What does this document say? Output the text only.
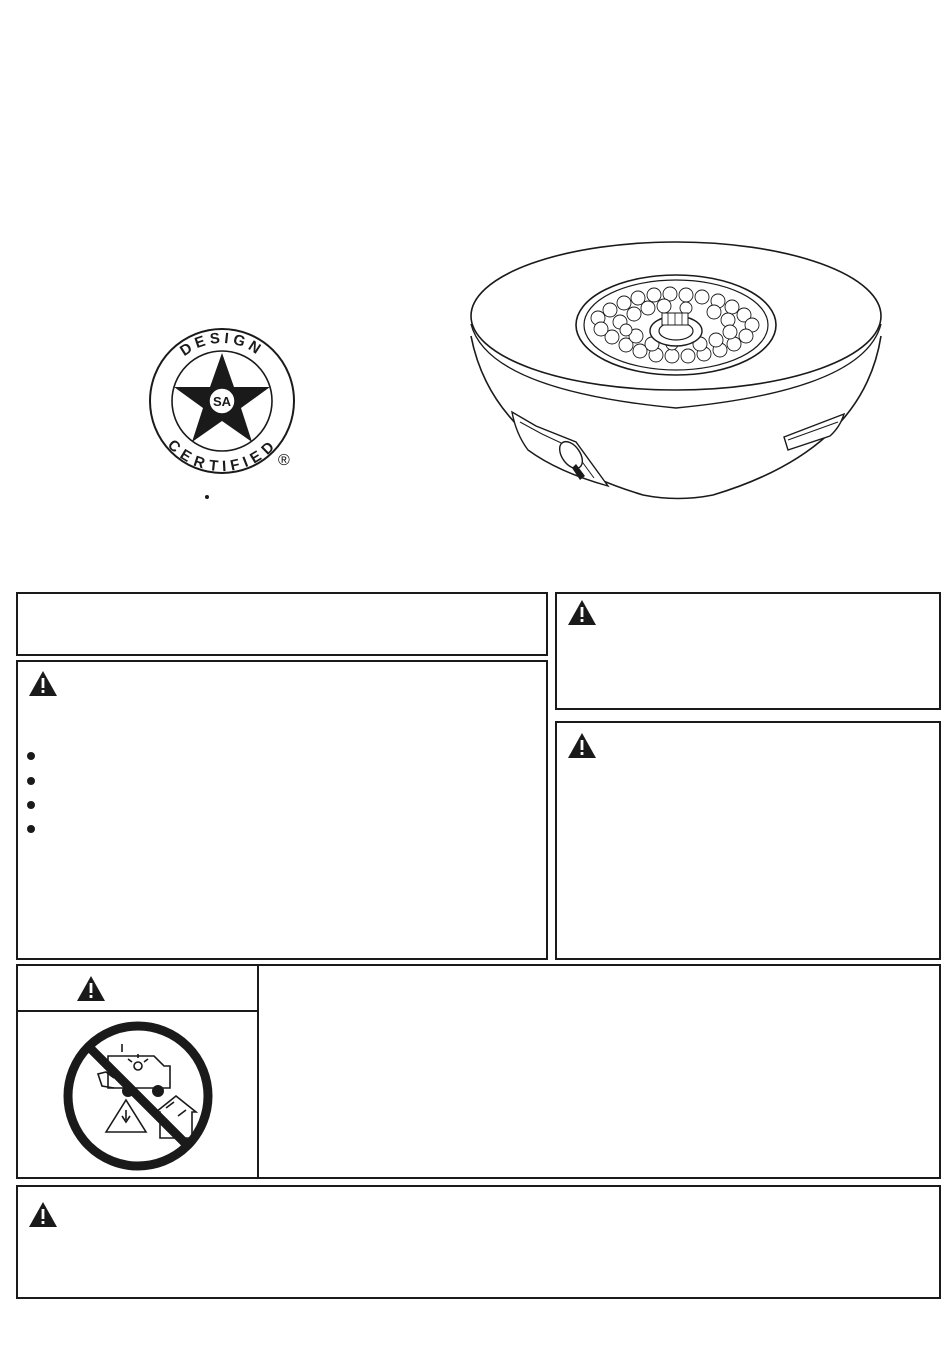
SA
DESIGN
CERTIFIED
®
